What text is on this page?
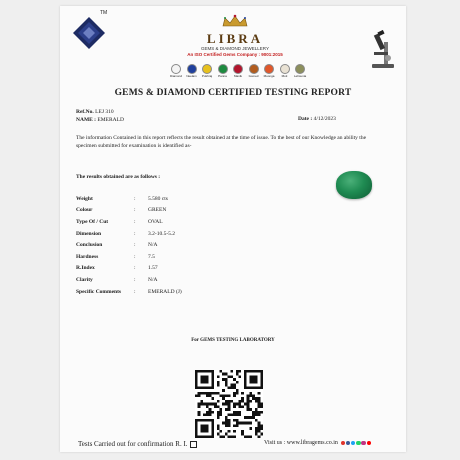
TM
LIBRA
GEMS & DIAMOND JEWELLERY
An ISO Certified Gems Company : 9001:2015
Diamond Neelam	Pukhraj	Panna	Manik	Gomed	Moonga	Moti	Lehsunia
GEMS & DIAMOND CERTIFIED TESTING REPORT
Ref.No. LEJ 310
NAME : EMERALD	Date : 4/12/2023
The information Contained in this report reflects the result obtained at the time of issue. To the best of our Knowledge an ability the specimen submitted for examination is identified as-
The results obtained are as follows :
Weight	:	5.580 cts
Colour	:	GREEN
Type Of / Cut	:	OVAL
Dimension	:	3.2-10.5-5.2
Conclusion	:	N/A
Hardness	:	7.5
R.Index	:	1.57
Clarity	:	N/A
Specific Comments	:	EMERALD (J)
For GEMS TESTING LABORATORY
Tests Carried out for confirmation R. I.	Visit us : www.libragems.co.in
